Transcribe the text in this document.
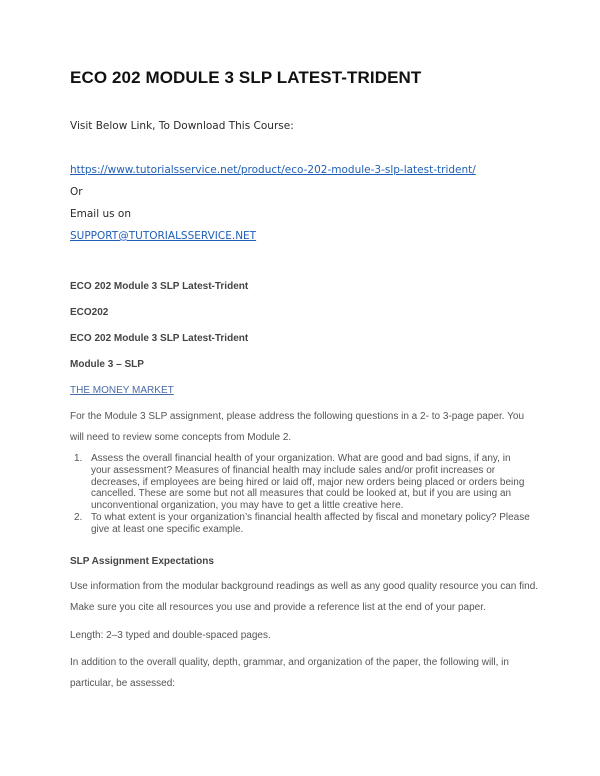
ECO 202 MODULE 3 SLP LATEST-TRIDENT
Visit Below Link, To Download This Course:
https://www.tutorialsservice.net/product/eco-202-module-3-slp-latest-trident/
Or
Email us on
SUPPORT@TUTORIALSSERVICE.NET
ECO 202 Module 3 SLP Latest-Trident
ECO202
ECO 202 Module 3 SLP Latest-Trident
Module 3 – SLP
THE MONEY MARKET
For the Module 3 SLP assignment, please address the following questions in a 2- to 3-page paper. You will need to review some concepts from Module 2.
1. Assess the overall financial health of your organization. What are good and bad signs, if any, in your assessment? Measures of financial health may include sales and/or profit increases or decreases, if employees are being hired or laid off, major new orders being placed or orders being cancelled. These are some but not all measures that could be looked at, but if you are using an unconventional organization, you may have to get a little creative here.
2. To what extent is your organization’s financial health affected by fiscal and monetary policy? Please give at least one specific example.
SLP Assignment Expectations
Use information from the modular background readings as well as any good quality resource you can find. Make sure you cite all resources you use and provide a reference list at the end of your paper.
Length: 2–3 typed and double-spaced pages.
In addition to the overall quality, depth, grammar, and organization of the paper, the following will, in particular, be assessed:
